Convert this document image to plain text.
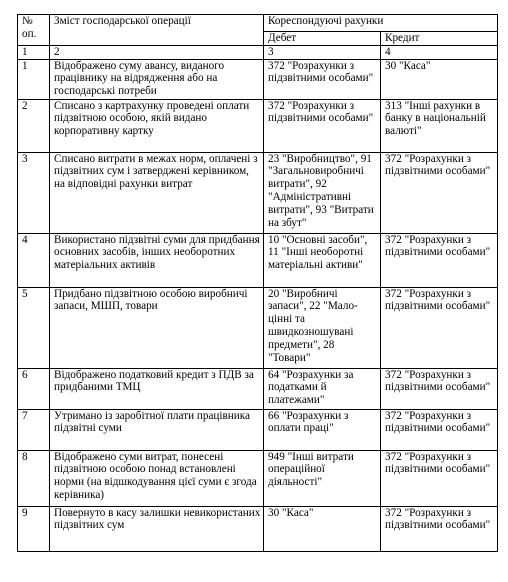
№ оп.	Зміст господарської операції	Кореспондуючі рахунки	
		Дебет	Кредит
1	2	3	4
1	Відображено суму авансу, виданого працівнику на відрядження або на господарські потреби	372 "Розрахунки з підзвітними особами"	30 "Каса"
2	Списано з картрахунку проведені оплати підзвітною особою, якій видано корпоративну картку	372 "Розрахунки з підзвітними особами"	313 "Інші рахунки в банку в національній валюті"
3	Списано витрати в межах норм, оплачені з підзвітних сум і затверджені керівником, на відповідні рахунки витрат	23 "Виробництво", 91 "Загальновиробничі витрати", 92 "Адміністративні витрати", 93 "Витрати на збут"	372 "Розрахунки з підзвітними особами"
4	Використано підзвітні суми для придбання основних засобів, інших необоротних матеріальних активів	10 "Основні засоби", 11 "Інші необоротні матеріальні активи"	372 "Розрахунки з підзвітними особами"
5	Придбано підзвітною особою виробничі запаси, МШП, товари	20 "Виробничі запаси", 22 "Малоцінні та швидкозношувані предмети", 28 "Товари"	372 "Розрахунки з підзвітними особами"
6	Відображено податковий кредит з ПДВ за придбаними ТМЦ	64 "Розрахунки за податками й платежами"	372 "Розрахунки з підзвітними особами"
7	Утримано із заробітної плати працівника підзвітні суми	66 "Розрахунки з оплати праці"	372 "Розрахунки з підзвітними особами"
8	Відображено суми витрат, понесені підзвітною особою понад встановлені норми (на відшкодування цієї суми є згода керівника)	949 "Інші витрати операційної діяльності"	372 "Розрахунки з підзвітними особами"
9	Повернуто в касу залишки невикористаних підзвітних сум	30 "Каса"	372 "Розрахунки з підзвітними особами"
